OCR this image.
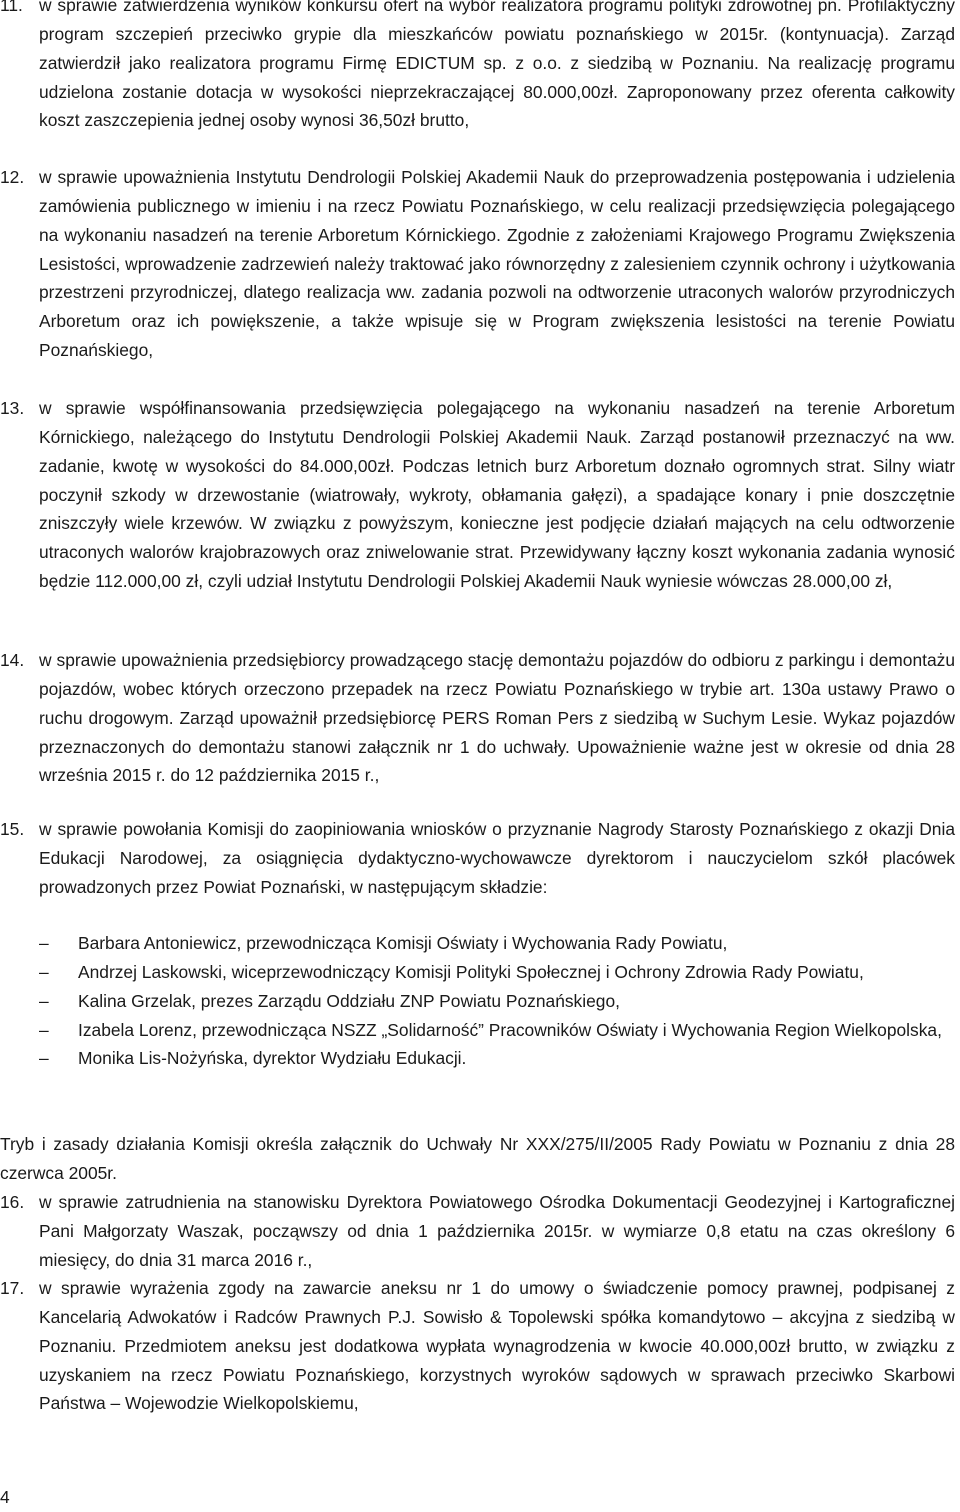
11. w sprawie zatwierdzenia wyników konkursu ofert na wybór realizatora programu polityki zdrowotnej pn. Profilaktyczny program szczepień przeciwko grypie dla mieszkańców powiatu poznańskiego w 2015r. (kontynuacja). Zarząd zatwierdził jako realizatora programu Firmę EDICTUM sp. z o.o. z siedzibą w Poznaniu. Na realizację programu udzielona zostanie dotacja w wysokości nieprzekraczającej 80.000,00zł. Zaproponowany przez oferenta całkowity koszt zaszczepienia jednej osoby wynosi 36,50zł brutto,
12. w sprawie upoważnienia Instytutu Dendrologii Polskiej Akademii Nauk do przeprowadzenia postępowania i udzielenia zamówienia publicznego w imieniu i na rzecz Powiatu Poznańskiego, w celu realizacji przedsięwzięcia polegającego na wykonaniu nasadzeń na terenie Arboretum Kórnickiego. Zgodnie z założeniami Krajowego Programu Zwiększenia Lesistości, wprowadzenie zadrzewień należy traktować jako równorzędny z zalesieniem czynnik ochrony i użytkowania przestrzeni przyrodniczej, dlatego realizacja ww. zadania pozwoli na odtworzenie utraconych walorów przyrodniczych Arboretum oraz ich powiększenie, a także wpisuje się w Program zwiększenia lesistości na terenie Powiatu Poznańskiego,
13. w sprawie współfinansowania przedsięwzięcia polegającego na wykonaniu nasadzeń na terenie Arboretum Kórnickiego, należącego do Instytutu Dendrologii Polskiej Akademii Nauk. Zarząd postanowił przeznaczyć na ww. zadanie, kwotę w wysokości do 84.000,00zł. Podczas letnich burz Arboretum doznało ogromnych strat. Silny wiatr poczynił szkody w drzewostanie (wiatrowały, wykroty, obłamania gałęzi), a spadające konary i pnie doszczętnie zniszczyły wiele krzewów. W związku z powyższym, konieczne jest podjęcie działań mających na celu odtworzenie utraconych walorów krajobrazowych oraz zniwelowanie strat. Przewidywany łączny koszt wykonania zadania wynosić będzie 112.000,00 zł, czyli udział Instytutu Dendrologii Polskiej Akademii Nauk wyniesie wówczas 28.000,00 zł,
14. w sprawie upoważnienia przedsiębiorcy prowadzącego stację demontażu pojazdów do odbioru z parkingu i demontażu pojazdów, wobec których orzeczono przepadek na rzecz Powiatu Poznańskiego w trybie art. 130a ustawy Prawo o ruchu drogowym. Zarząd upoważnił przedsiębiorcę PERS Roman Pers z siedzibą w Suchym Lesie. Wykaz pojazdów przeznaczonych do demontażu stanowi załącznik nr 1 do uchwały. Upoważnienie ważne jest w okresie od dnia 28 września 2015 r. do 12 października 2015 r.,
15. w sprawie powołania Komisji do zaopiniowania wniosków o przyznanie Nagrody Starosty Poznańskiego z okazji Dnia Edukacji Narodowej, za osiągnięcia dydaktyczno-wychowawcze dyrektorom i nauczycielom szkół placówek prowadzonych przez Powiat Poznański, w następującym składzie:
– Barbara Antoniewicz, przewodnicząca Komisji Oświaty i Wychowania Rady Powiatu,
– Andrzej Laskowski, wiceprzewodniczący Komisji Polityki Społecznej i Ochrony Zdrowia Rady Powiatu,
– Kalina Grzelak, prezes Zarządu Oddziału ZNP Powiatu Poznańskiego,
– Izabela Lorenz, przewodnicząca NSZZ „Solidarność” Pracowników Oświaty i Wychowania Region Wielkopolska,
– Monika Lis-Nożyńska, dyrektor Wydziału Edukacji.
Tryb i zasady działania Komisji określa załącznik do Uchwały Nr XXX/275/II/2005 Rady Powiatu w Poznaniu z dnia 28 czerwca 2005r.
16. w sprawie zatrudnienia na stanowisku Dyrektora Powiatowego Ośrodka Dokumentacji Geodezyjnej i Kartograficznej Pani Małgorzaty Waszak, począwszy od dnia 1 października 2015r. w wymiarze 0,8 etatu na czas określony 6 miesięcy, do dnia 31 marca 2016 r.,
17. w sprawie wyrażenia zgody na zawarcie aneksu nr 1 do umowy o świadczenie pomocy prawnej, podpisanej z Kancelarią Adwokatów i Radców Prawnych P.J. Sowisło & Topolewski spółka komandytowo – akcyjna z siedzibą w Poznaniu. Przedmiotem aneksu jest dodatkowa wypłata wynagrodzenia w kwocie 40.000,00zł brutto, w związku z uzyskaniem na rzecz Powiatu Poznańskiego, korzystnych wyroków sądowych w sprawach przeciwko Skarbowi Państwa – Wojewodzie Wielkopolskiemu,
4
